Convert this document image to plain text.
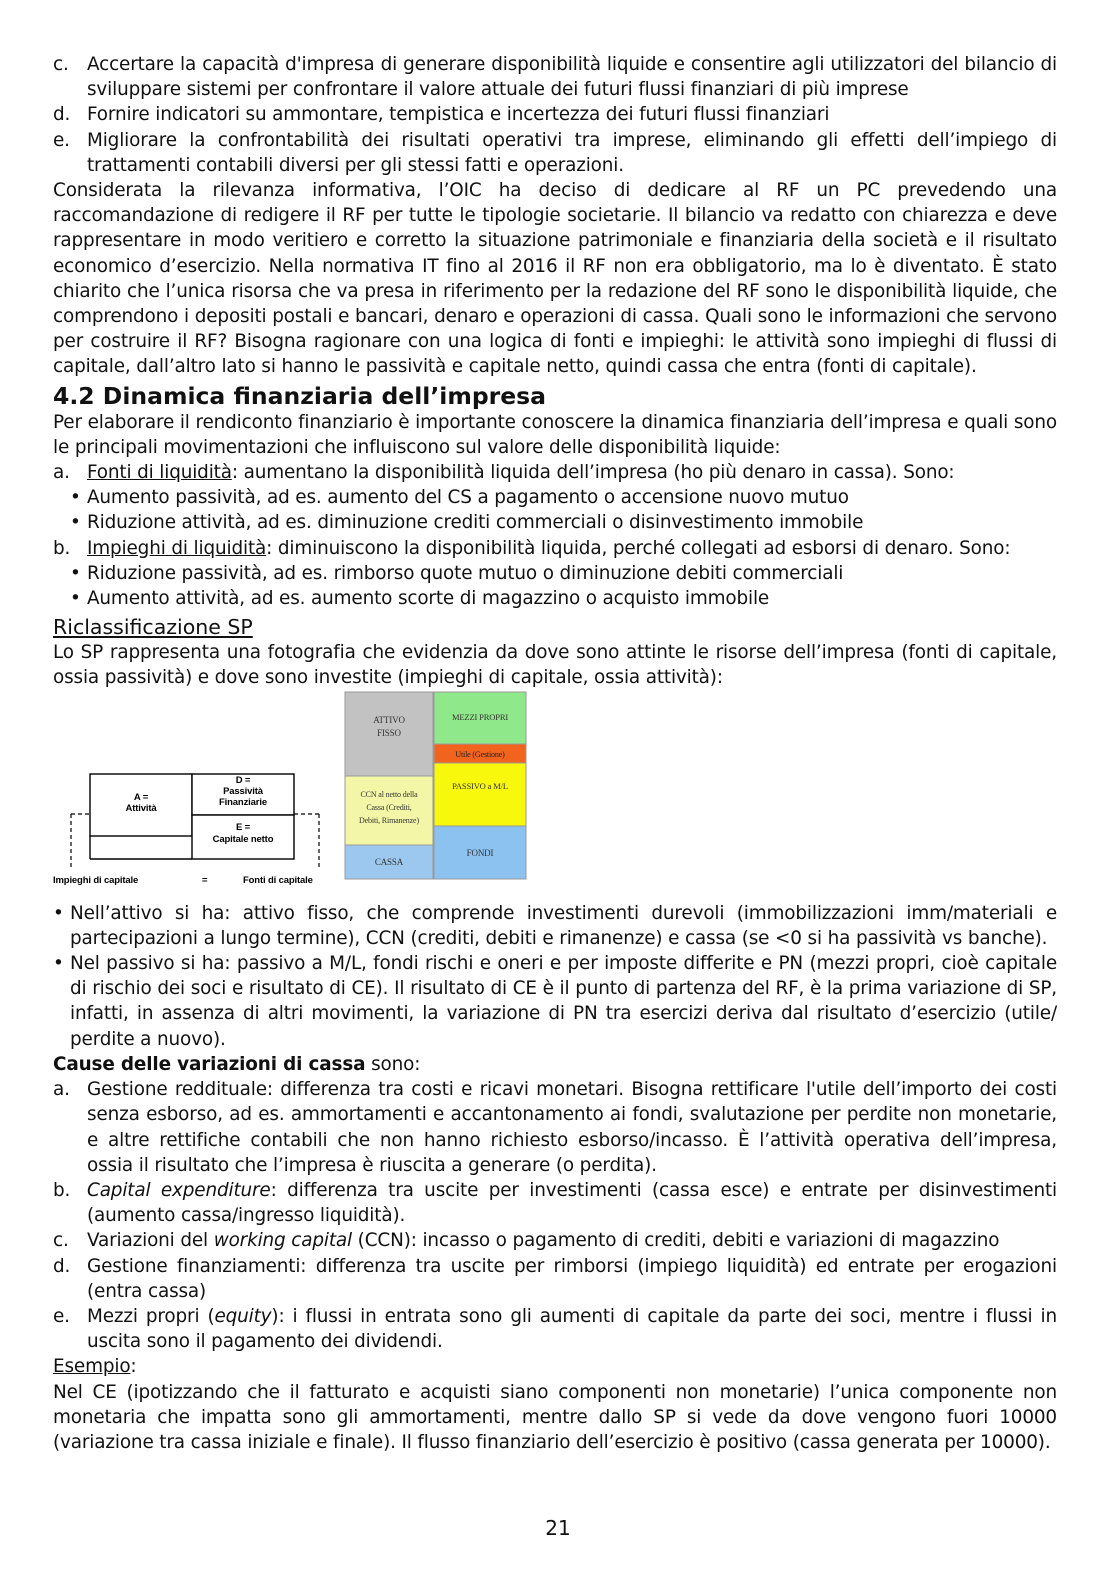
c. Accertare la capacità d'impresa di generare disponibilità liquide e consentire agli utilizzatori del bilancio di sviluppare sistemi per confrontare il valore attuale dei futuri flussi finanziari di più imprese
d. Fornire indicatori su ammontare, tempistica e incertezza dei futuri flussi finanziari
e. Migliorare la confrontabilità dei risultati operativi tra imprese, eliminando gli effetti dell’impiego di trattamenti contabili diversi per gli stessi fatti e operazioni.

Considerata la rilevanza informativa, l’OIC ha deciso di dedicare al RF un PC prevedendo una raccomandazione di redigere il RF per tutte le tipologie societarie. Il bilancio va redatto con chiarezza e deve rappresentare in modo veritiero e corretto la situazione patrimoniale e finanziaria della società e il risultato economico d’esercizio. Nella normativa IT fino al 2016 il RF non era obbligatorio, ma lo è diventato. È stato chiarito che l’unica risorsa che va presa in riferimento per la redazione del RF sono le disponibilità liquide, che comprendono i depositi postali e bancari, denaro e operazioni di cassa. Quali sono le informazioni che servono per costruire il RF? Bisogna ragionare con una logica di fonti e impieghi: le attività sono impieghi di flussi di capitale, dall’altro lato si hanno le passività e capitale netto, quindi cassa che entra (fonti di capitale).

4.2 Dinamica finanziaria dell’impresa

Per elaborare il rendiconto finanziario è importante conoscere la dinamica finanziaria dell’impresa e quali sono le principali movimentazioni che influiscono sul valore delle disponibilità liquide:

a. Fonti di liquidità: aumentano la disponibilità liquida dell’impresa (ho più denaro in cassa). Sono:
• Aumento passività, ad es. aumento del CS a pagamento o accensione nuovo mutuo
• Riduzione attività, ad es. diminuzione crediti commerciali o disinvestimento immobile
b. Impieghi di liquidità: diminuiscono la disponibilità liquida, perché collegati ad esborsi di denaro. Sono:
• Riduzione passività, ad es. rimborso quote mutuo o diminuzione debiti commerciali
• Aumento attività, ad es. aumento scorte di magazzino o acquisto immobile
Riclassificazione SP

Lo SP rappresenta una fotografia che evidenzia da dove sono attinte le risorse dell’impresa (fonti di capitale, ossia passività) e dove sono investite (impieghi di capitale, ossia attività):

A =
Attività
D =
Passività
Finanziarie
E =
Capitale netto
Impieghi di capitale	=	Fonti di capitale
ATTIVO
FISSO
CCN al netto della
Cassa (Crediti,
Debiti, Rimanenze)
CASSA
MEZZI PROPRI
Utile (Gestione)
PASSIVO a M/L
FONDI
• Nell’attivo si ha: attivo fisso, che comprende investimenti durevoli (immobilizzazioni imm/materiali e partecipazioni a lungo termine), CCN (crediti, debiti e rimanenze) e cassa (se <0 si ha passività vs banche).
• Nel passivo si ha: passivo a M/L, fondi rischi e oneri e per imposte differite e PN (mezzi propri, cioè capitale di rischio dei soci e risultato di CE). Il risultato di CE è il punto di partenza del RF, è la prima variazione di SP, infatti, in assenza di altri movimenti, la variazione di PN tra esercizi deriva dal risultato d’esercizio (utile/ perdite a nuovo).

Cause delle variazioni di cassa sono:

a. Gestione reddituale: differenza tra costi e ricavi monetari. Bisogna rettificare l'utile dell’importo dei costi senza esborso, ad es. ammortamenti e accantonamento ai fondi, svalutazione per perdite non monetarie, e altre rettifiche contabili che non hanno richiesto esborso/incasso. È l’attività operativa dell’impresa, ossia il risultato che l’impresa è riuscita a generare (o perdita).
b. Capital expenditure: differenza tra uscite per investimenti (cassa esce) e entrate per disinvestimenti (aumento cassa/ingresso liquidità).
c. Variazioni del working capital (CCN): incasso o pagamento di crediti, debiti e variazioni di magazzino
d. Gestione finanziamenti: differenza tra uscite per rimborsi (impiego liquidità) ed entrate per erogazioni (entra cassa)
e. Mezzi propri (equity): i flussi in entrata sono gli aumenti di capitale da parte dei soci, mentre i flussi in uscita sono il pagamento dei dividendi.

Esempio:

Nel CE (ipotizzando che il fatturato e acquisti siano componenti non monetarie) l’unica componente non monetaria che impatta sono gli ammortamenti, mentre dallo SP si vede da dove vengono fuori 10000 (variazione tra cassa iniziale e finale). Il flusso finanziario dell’esercizio è positivo (cassa generata per 10000).

21
